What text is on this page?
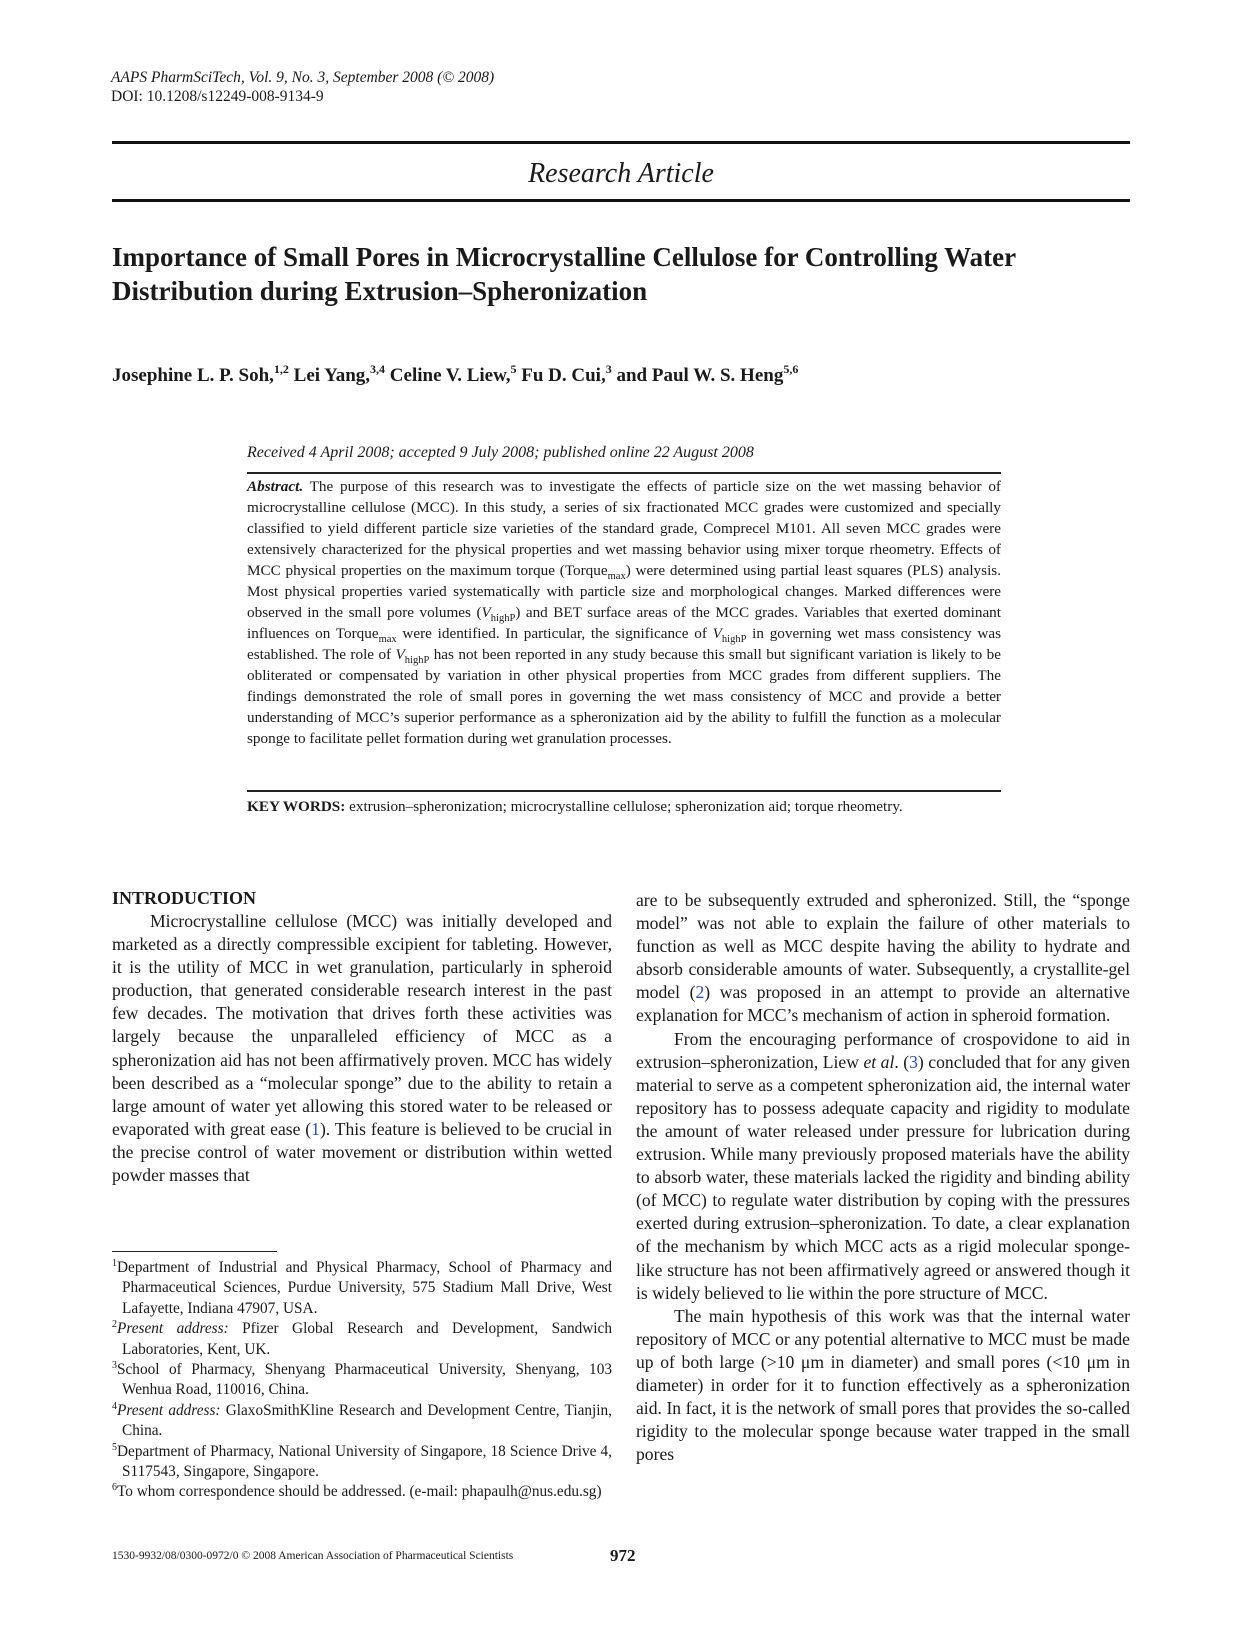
AAPS PharmSciTech, Vol. 9, No. 3, September 2008 (© 2008)
DOI: 10.1208/s12249-008-9134-9
Research Article
Importance of Small Pores in Microcrystalline Cellulose for Controlling Water
Distribution during Extrusion–Spheronization
Josephine L. P. Soh,$^{1,2}$ Lei Yang,$^{3,4}$ Celine V. Liew,$^5$ Fu D. Cui,$^3$ and Paul W. S. Heng$^{5,6}$
Received 4 April 2008; accepted 9 July 2008; published online 22 August 2008
Abstract. The purpose of this research was to investigate the effects of particle size on the wet massing behavior of microcrystalline cellulose (MCC). In this study, a series of six fractionated MCC grades were customized and specially classified to yield different particle size varieties of the standard grade, Comprecel M101. All seven MCC grades were extensively characterized for the physical properties and wet massing behavior using mixer torque rheometry. Effects of MCC physical properties on the maximum torque (Torque$_{max}$) were determined using partial least squares (PLS) analysis. Most physical properties varied systematically with particle size and morphological changes. Marked differences were observed in the small pore volumes $(V_{highP})$ and BET surface areas of the MCC grades. Variables that exerted dominant influences on Torque$_{max}$ were identified. In particular, the significance of $V_{highP}$ in governing wet mass consistency was established. The role of $V_{highP}$ has not been reported in any study because this small but significant variation is likely to be obliterated or compensated by variation in other physical properties from MCC grades from different suppliers. The findings demonstrated the role of small pores in governing the wet mass consistency of MCC and provide a better understanding of MCC’s superior performance as a spheronization aid by the ability to fulfill the function as a molecular sponge to facilitate pellet formation during wet granulation processes.
KEY WORDS: extrusion–spheronization; microcrystalline cellulose; spheronization aid; torque rheometry.
INTRODUCTION

Microcrystalline cellulose (MCC) was initially developed and marketed as a directly compressible excipient for tableting. However, it is the utility of MCC in wet granulation, particularly in spheroid production, that generated considerable research interest in the past few decades. The motivation that drives forth these activities was largely because the unparalleled efficiency of MCC as a spheronization aid has not been affirmatively proven. MCC has widely been described as a “molecular sponge” due to the ability to retain a large amount of water yet allowing this stored water to be released or evaporated with great ease (1). This feature is believed to be crucial in the precise control of water movement or distribution within wetted powder masses that

$^1$Department of Industrial and Physical Pharmacy, School of Pharmacy and Pharmaceutical Sciences, Purdue University, 575 Stadium Mall Drive, West Lafayette, Indiana 47907, USA.
$^2$Present address: Pfizer Global Research and Development, Sandwich Laboratories, Kent, UK.
$^3$School of Pharmacy, Shenyang Pharmaceutical University, Shenyang, 103 Wenhua Road, 110016, China.
$^4$Present address: GlaxoSmithKline Research and Development Centre, Tianjin, China.
$^5$Department of Pharmacy, National University of Singapore, 18 Science Drive 4, S117543, Singapore, Singapore.
$^6$To whom correspondence should be addressed. (e-mail: phapaulh@nus.edu.sg)

are to be subsequently extruded and spheronized. Still, the “sponge model” was not able to explain the failure of other materials to function as well as MCC despite having the ability to hydrate and absorb considerable amounts of water. Subsequently, a crystallite-gel model (2) was proposed in an attempt to provide an alternative explanation for MCC’s mechanism of action in spheroid formation.

From the encouraging performance of crospovidone to aid in extrusion–spheronization, Liew et al. (3) concluded that for any given material to serve as a competent spheronization aid, the internal water repository has to possess adequate capacity and rigidity to modulate the amount of water released under pressure for lubrication during extrusion. While many previously proposed materials have the ability to absorb water, these materials lacked the rigidity and binding ability (of MCC) to regulate water distribution by coping with the pressures exerted during extrusion–spheronization. To date, a clear explanation of the mechanism by which MCC acts as a rigid molecular sponge-like structure has not been affirmatively agreed or answered though it is widely believed to lie within the pore structure of MCC.

The main hypothesis of this work was that the internal water repository of MCC or any potential alternative to MCC must be made up of both large (>10 μm in diameter) and small pores (<10 μm in diameter) in order for it to function effectively as a spheronization aid. In fact, it is the network of small pores that provides the so-called rigidity to the molecular sponge because water trapped in the small pores

1530-9932/08/0300-0972/0 © 2008 American Association of Pharmaceutical Scientists	972
